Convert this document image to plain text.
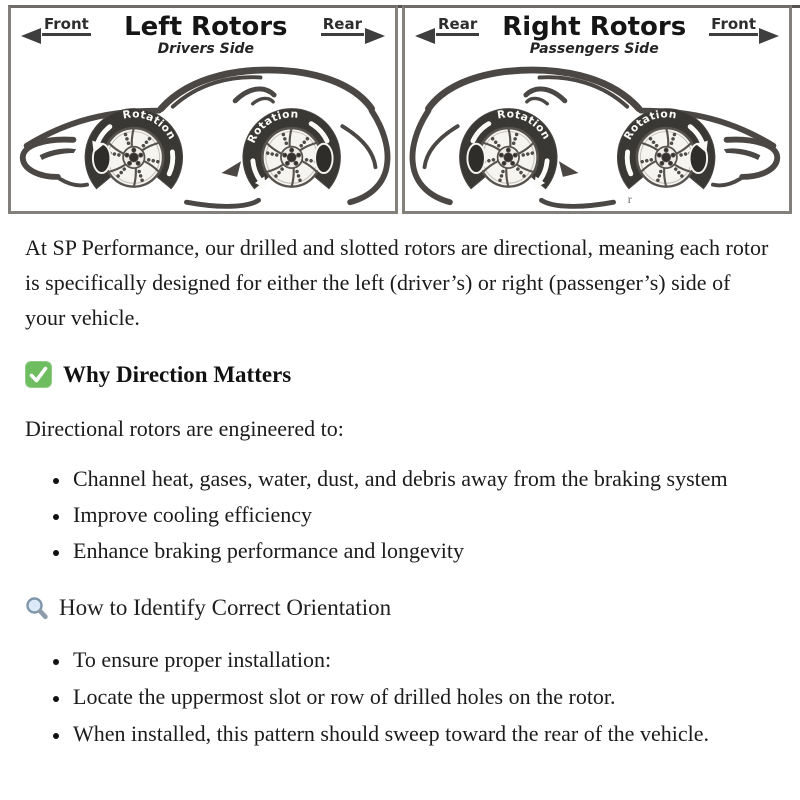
Front	Left Rotors
Drivers Side
Rear
Rotation	Rotation
Rear Right Rotors
Passengers Side
Front
Rotation	Rotation
r

At SP Performance, our drilled and slotted rotors are directional, meaning each rotor is specifically designed for either the left (driver’s) or right (passenger’s) side of your vehicle.

Why Direction Matters

Directional rotors are engineered to:

• Channel heat, gases, water, dust, and debris away from the braking system
• Improve cooling efficiency
• Enhance braking performance and longevity
How to Identify Correct Orientation
• To ensure proper installation:
• Locate the uppermost slot or row of drilled holes on the rotor.
• When installed, this pattern should sweep toward the rear of the vehicle.
